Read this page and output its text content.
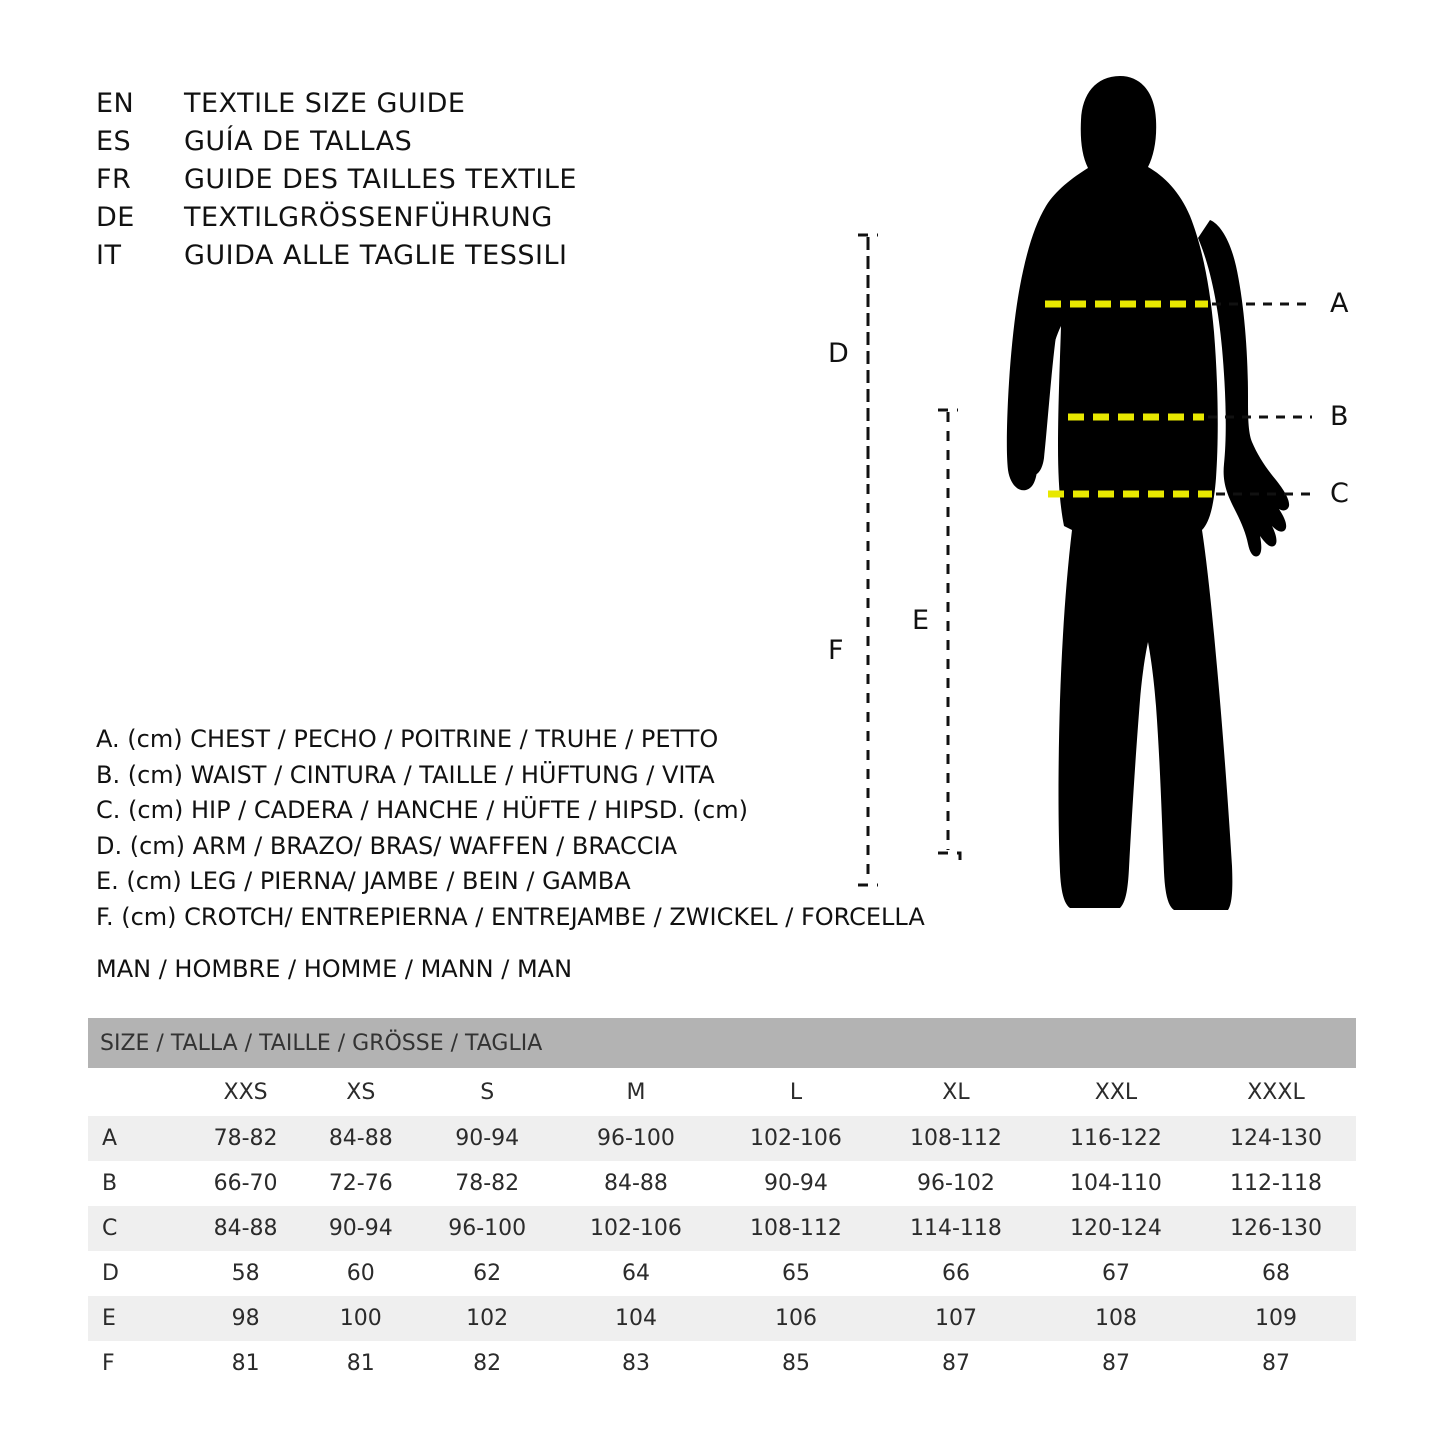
EN	TEXTILE SIZE GUIDE
ES	GUÍA DE TALLAS
FR	GUIDE DES TAILLES TEXTILE
DE	TEXTILGRÖSSENFÜHRUNG
IT	GUIDA ALLE TAGLIE TESSILI
A. (cm) CHEST / PECHO / POITRINE / TRUHE / PETTO
B. (cm) WAIST / CINTURA / TAILLE / HÜFTUNG / VITA
C. (cm) HIP / CADERA / HANCHE / HÜFTE / HIPSD. (cm)
D. (cm) ARM / BRAZO/ BRAS/ WAFFEN / BRACCIA
E. (cm) LEG / PIERNA/ JAMBE / BEIN / GAMBA
F. (cm) CROTCH/ ENTREPIERNA / ENTREJAMBE / ZWICKEL / FORCELLA
MAN / HOMBRE / HOMME / MANN / MAN
A
B
C
D
E
F
SIZE / TALLA / TAILLE / GRÖSSE / TAGLIA								
	XXS	XS	S	M	L	XL	XXL	XXXL
A	78-82	84-88	90-94	96-100	102-106	108-112	116-122	124-130
B	66-70	72-76	78-82	84-88	90-94	96-102	104-110	112-118
C	84-88	90-94	96-100	102-106	108-112	114-118	120-124	126-130
D	58	60	62	64	65	66	67	68
E	98	100	102	104	106	107	108	109
F	81	81	82	83	85	87	87	87
